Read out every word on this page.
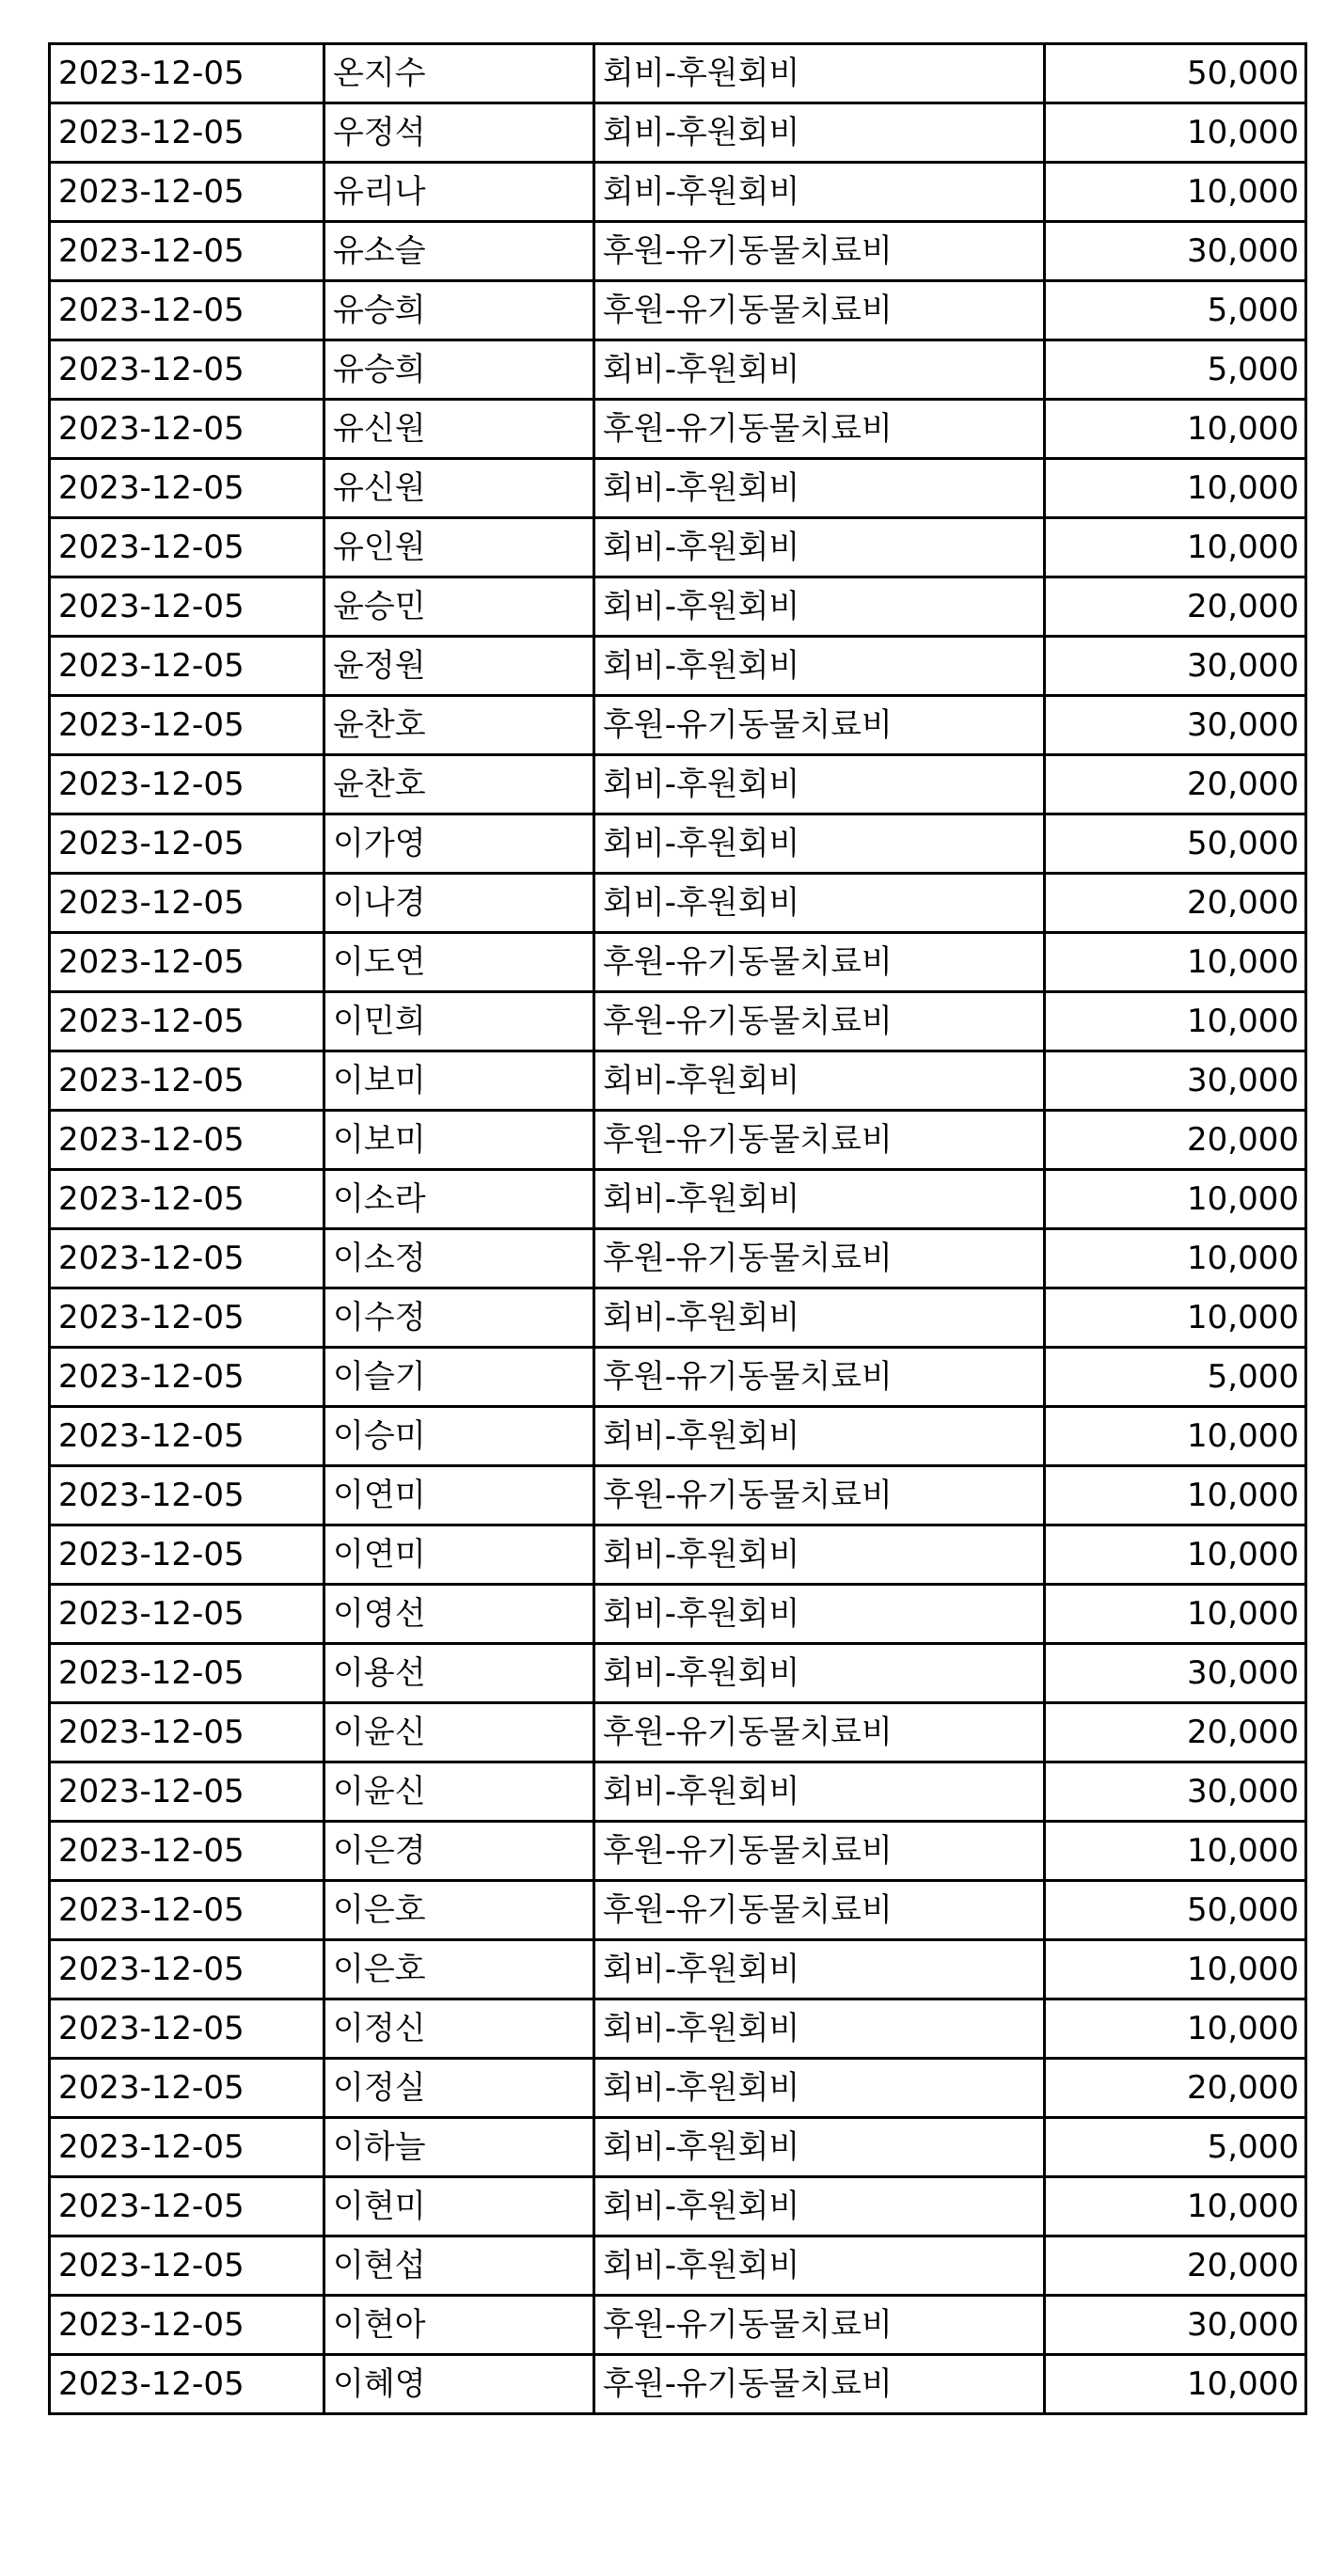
2023-12-05	온지수	회비-후원회비	50,000
2023-12-05	우정석	회비-후원회비	10,000
2023-12-05	유리나	회비-후원회비	10,000
2023-12-05	유소슬	후원-유기동물치료비	30,000
2023-12-05	유승희	후원-유기동물치료비	5,000
2023-12-05	유승희	회비-후원회비	5,000
2023-12-05	유신원	후원-유기동물치료비	10,000
2023-12-05	유신원	회비-후원회비	10,000
2023-12-05	유인원	회비-후원회비	10,000
2023-12-05	윤승민	회비-후원회비	20,000
2023-12-05	윤정원	회비-후원회비	30,000
2023-12-05	윤찬호	후원-유기동물치료비	30,000
2023-12-05	윤찬호	회비-후원회비	20,000
2023-12-05	이가영	회비-후원회비	50,000
2023-12-05	이나경	회비-후원회비	20,000
2023-12-05	이도연	후원-유기동물치료비	10,000
2023-12-05	이민희	후원-유기동물치료비	10,000
2023-12-05	이보미	회비-후원회비	30,000
2023-12-05	이보미	후원-유기동물치료비	20,000
2023-12-05	이소라	회비-후원회비	10,000
2023-12-05	이소정	후원-유기동물치료비	10,000
2023-12-05	이수정	회비-후원회비	10,000
2023-12-05	이슬기	후원-유기동물치료비	5,000
2023-12-05	이승미	회비-후원회비	10,000
2023-12-05	이연미	후원-유기동물치료비	10,000
2023-12-05	이연미	회비-후원회비	10,000
2023-12-05	이영선	회비-후원회비	10,000
2023-12-05	이용선	회비-후원회비	30,000
2023-12-05	이윤신	후원-유기동물치료비	20,000
2023-12-05	이윤신	회비-후원회비	30,000
2023-12-05	이은경	후원-유기동물치료비	10,000
2023-12-05	이은호	후원-유기동물치료비	50,000
2023-12-05	이은호	회비-후원회비	10,000
2023-12-05	이정신	회비-후원회비	10,000
2023-12-05	이정실	회비-후원회비	20,000
2023-12-05	이하늘	회비-후원회비	5,000
2023-12-05	이현미	회비-후원회비	10,000
2023-12-05	이현섭	회비-후원회비	20,000
2023-12-05	이현아	후원-유기동물치료비	30,000
2023-12-05	이혜영	후원-유기동물치료비	10,000
